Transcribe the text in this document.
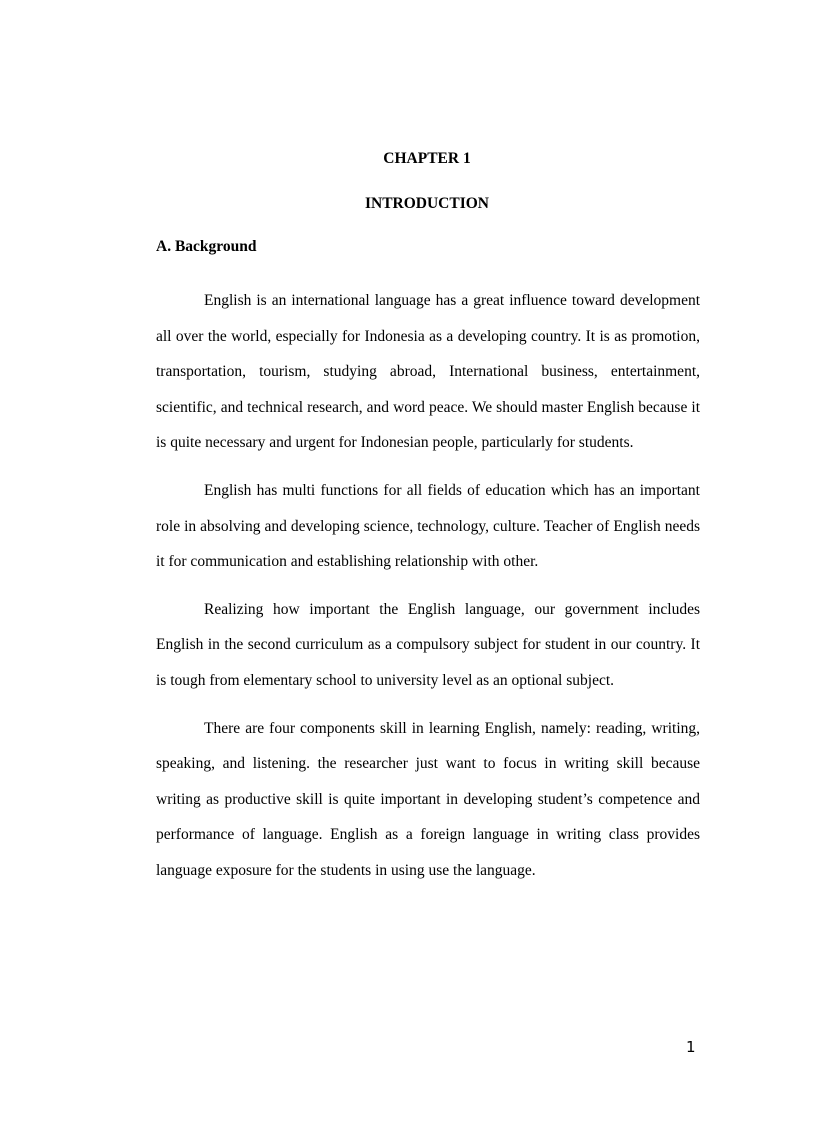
CHAPTER 1
INTRODUCTION
A. Background

English is an international language has a great influence toward development all over the world, especially for Indonesia as a developing country. It is as promotion, transportation, tourism, studying abroad, International business, entertainment, scientific, and technical research, and word peace. We should master English because it is quite necessary and urgent for Indonesian people, particularly for students.

English has multi functions for all fields of education which has an important role in absolving and developing science, technology, culture. Teacher of English needs it for communication and establishing relationship with other.

Realizing how important the English language, our government includes English in the second curriculum as a compulsory subject for student in our country. It is tough from elementary school to university level as an optional subject.

There are four components skill in learning English, namely: reading, writing, speaking, and listening. the researcher just want to focus in writing skill because writing as productive skill is quite important in developing student’s competence and performance of language. English as a foreign language in writing class provides language exposure for the students in using use the language.

1
